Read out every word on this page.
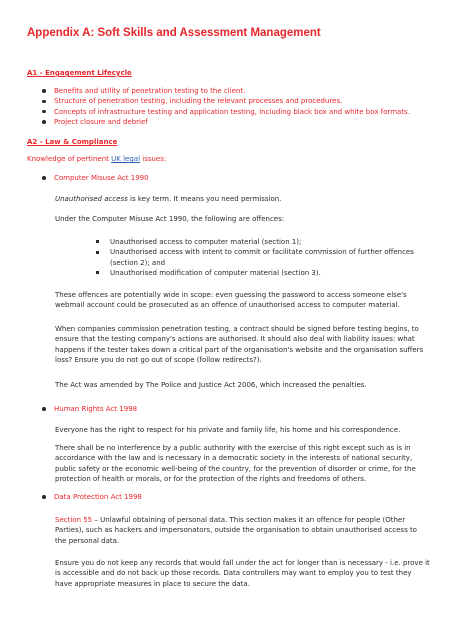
Appendix A: Soft Skills and Assessment Management
A1 - Engagement Lifecycle
Benefits and utility of penetration testing to the client.
Structure of penetration testing, including the relevant processes and procedures.
Concepts of infrastructure testing and application testing, including black box and white box formats.
Project closure and debrief
A2 - Law & Compliance
Knowledge of pertinent UK legal issues:
Computer Misuse Act 1990
Unauthorised access is key term. It means you need permission.
Under the Computer Misuse Act 1990, the following are offences:
Unauthorised access to computer material (section 1);
Unauthorised access with intent to commit or facilitate commission of further offences (section 2); and
Unauthorised modification of computer material (section 3).
These offences are potentially wide in scope: even guessing the password to access someone else's webmail account could be prosecuted as an offence of unauthorised access to computer material.
When companies commission penetration testing, a contract should be signed before testing begins, to ensure that the testing company's actions are authorised. It should also deal with liability issues: what happens if the tester takes down a critical part of the organisation's website and the organisation suffers loss? Ensure you do not go out of scope (follow redirects?).
The Act was amended by The Police and Justice Act 2006, which increased the penalties.
Human Rights Act 1998
Everyone has the right to respect for his private and family life, his home and his correspondence.
There shall be no interference by a public authority with the exercise of this right except such as is in accordance with the law and is necessary in a democratic society in the interests of national security, public safety or the economic well-being of the country, for the prevention of disorder or crime, for the protection of health or morals, or for the protection of the rights and freedoms of others.
Data Protection Act 1998
Section 55 – Unlawful obtaining of personal data. This section makes it an offence for people (Other Parties), such as hackers and impersonators, outside the organisation to obtain unauthorised access to the personal data.
Ensure you do not keep any records that would fall under the act for longer than is necessary - i.e. prove it is accessible and do not back up those records. Data controllers may want to employ you to test they have appropriate measures in place to secure the data.
